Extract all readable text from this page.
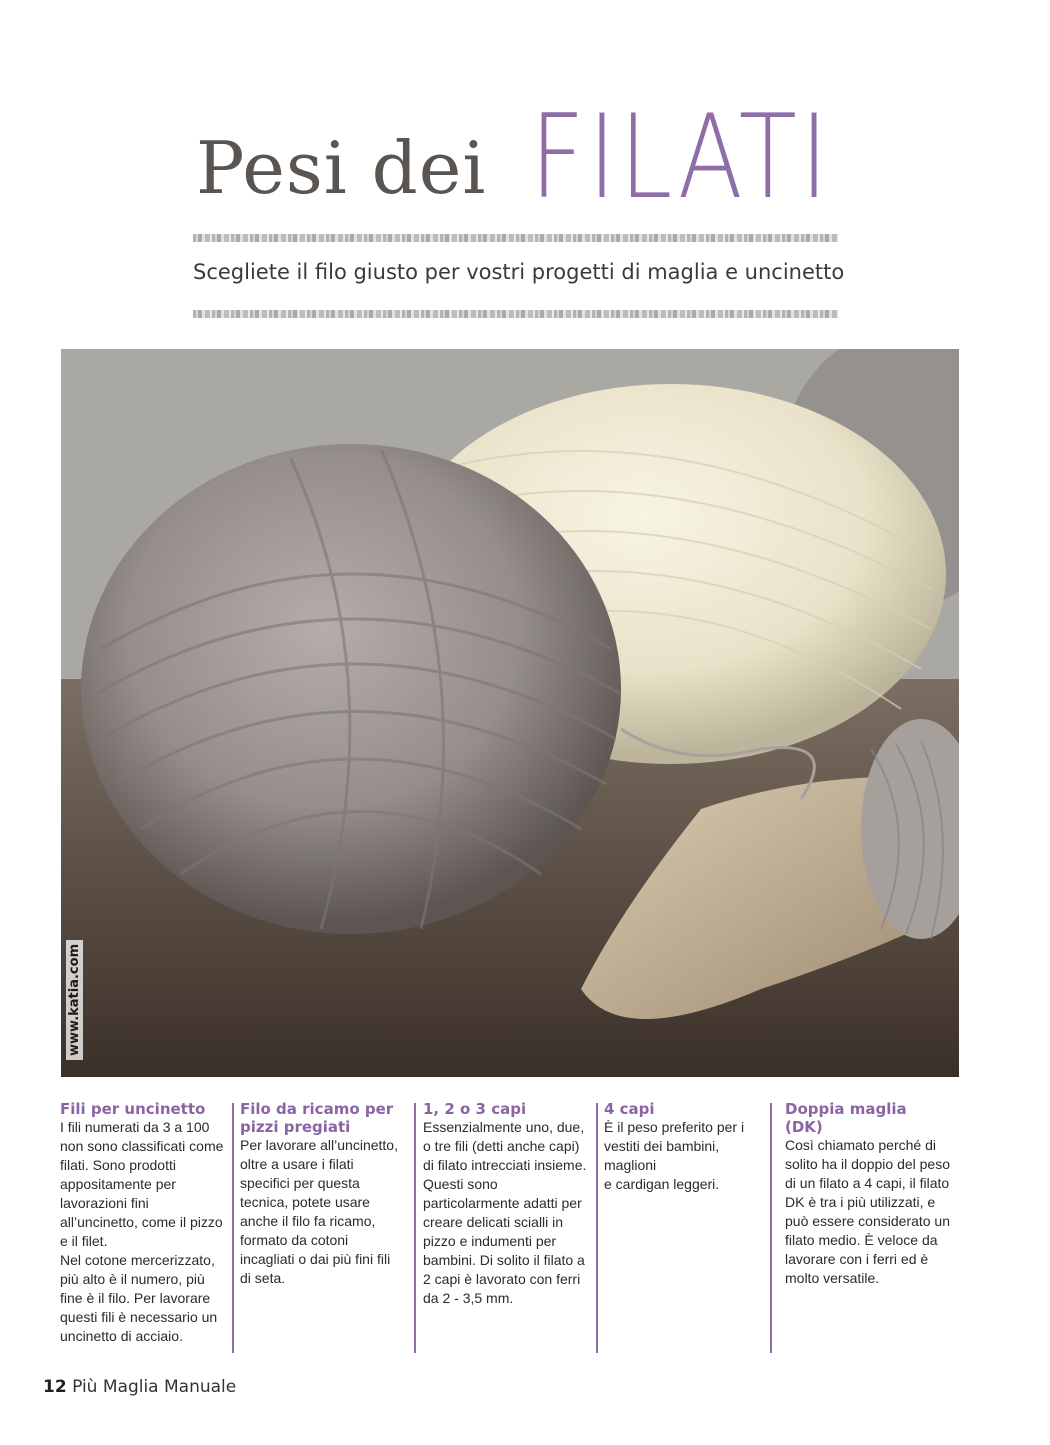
Pesi dei FILATI
Scegliete il filo giusto per vostri progetti di maglia e uncinetto
www.katia.com

Fili per uncinetto

I fili numerati da 3 a 100
non sono classificati come
filati. Sono prodotti
appositamente per
lavorazioni fini
all’uncinetto, come il pizzo
e il filet.
Nel cotone mercerizzato,
più alto è il numero, più
fine è il filo. Per lavorare
questi fili è necessario un
uncinetto di acciaio.

Filo da ricamo per
pizzi pregiati

Per lavorare all’uncinetto,
oltre a usare i filati
specifici per questa
tecnica, potete usare
anche il filo fa ricamo,
formato da cotoni
incagliati o dai più fini fili
di seta.

1, 2 o 3 capi

Essenzialmente uno, due,
o tre fili (detti anche capi)
di filato intrecciati insieme.
Questi sono
particolarmente adatti per
creare delicati scialli in
pizzo e indumenti per
bambini. Di solito il filato a
2 capi è lavorato con ferri
da 2 - 3,5 mm.

4 capi

È il peso preferito per i
vestiti dei bambini,
maglioni
e cardigan leggeri.

Doppia maglia
(DK)

Così chiamato perché di
solito ha il doppio del peso
di un filato a 4 capi, il filato
DK è tra i più utilizzati, e
può essere considerato un
filato medio. È veloce da
lavorare con i ferri ed è
molto versatile.

12 Più Maglia Manuale
